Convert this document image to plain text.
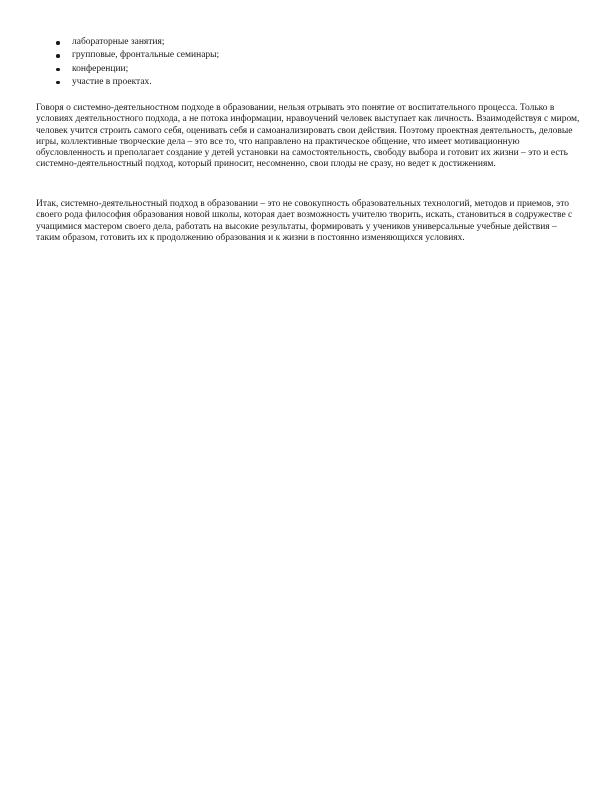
лабораторные занятия;
групповые, фронтальные семинары;
конференции;
участие в проектах.

Говоря о системно-деятельностном подходе в образовании, нельзя отрывать это понятие от воспитательного процесса. Только в условиях деятельностного подхода, а не потока информации, нравоучений человек выступает как личность. Взаимодействуя с миром, человек учится строить самого себя, оценивать себя и самоанализировать свои действия. Поэтому проектная деятельность, деловые игры, коллективные творческие дела – это все то, что направлено на практическое общение, что имеет мотивационную обусловленность и преполагает создание у детей установки на самостоятельность, свободу выбора и готовит их жизни – это и есть системно-деятельностный подход, который приносит, несомненно, свои плоды не сразу, но ведет к достижениям.

Итак, системно-деятельностный подход в образовании – это не совокупность образовательных технологий, методов и приемов, это своего рода философия образования новой школы, которая дает возможность учителю творить, искать, становиться в содружестве с учащимися мастером своего дела, работать на высокие результаты, формировать у учеников универсальные учебные действия – таким образом, готовить их к продолжению образования и к жизни в постоянно изменяющихся условиях.
